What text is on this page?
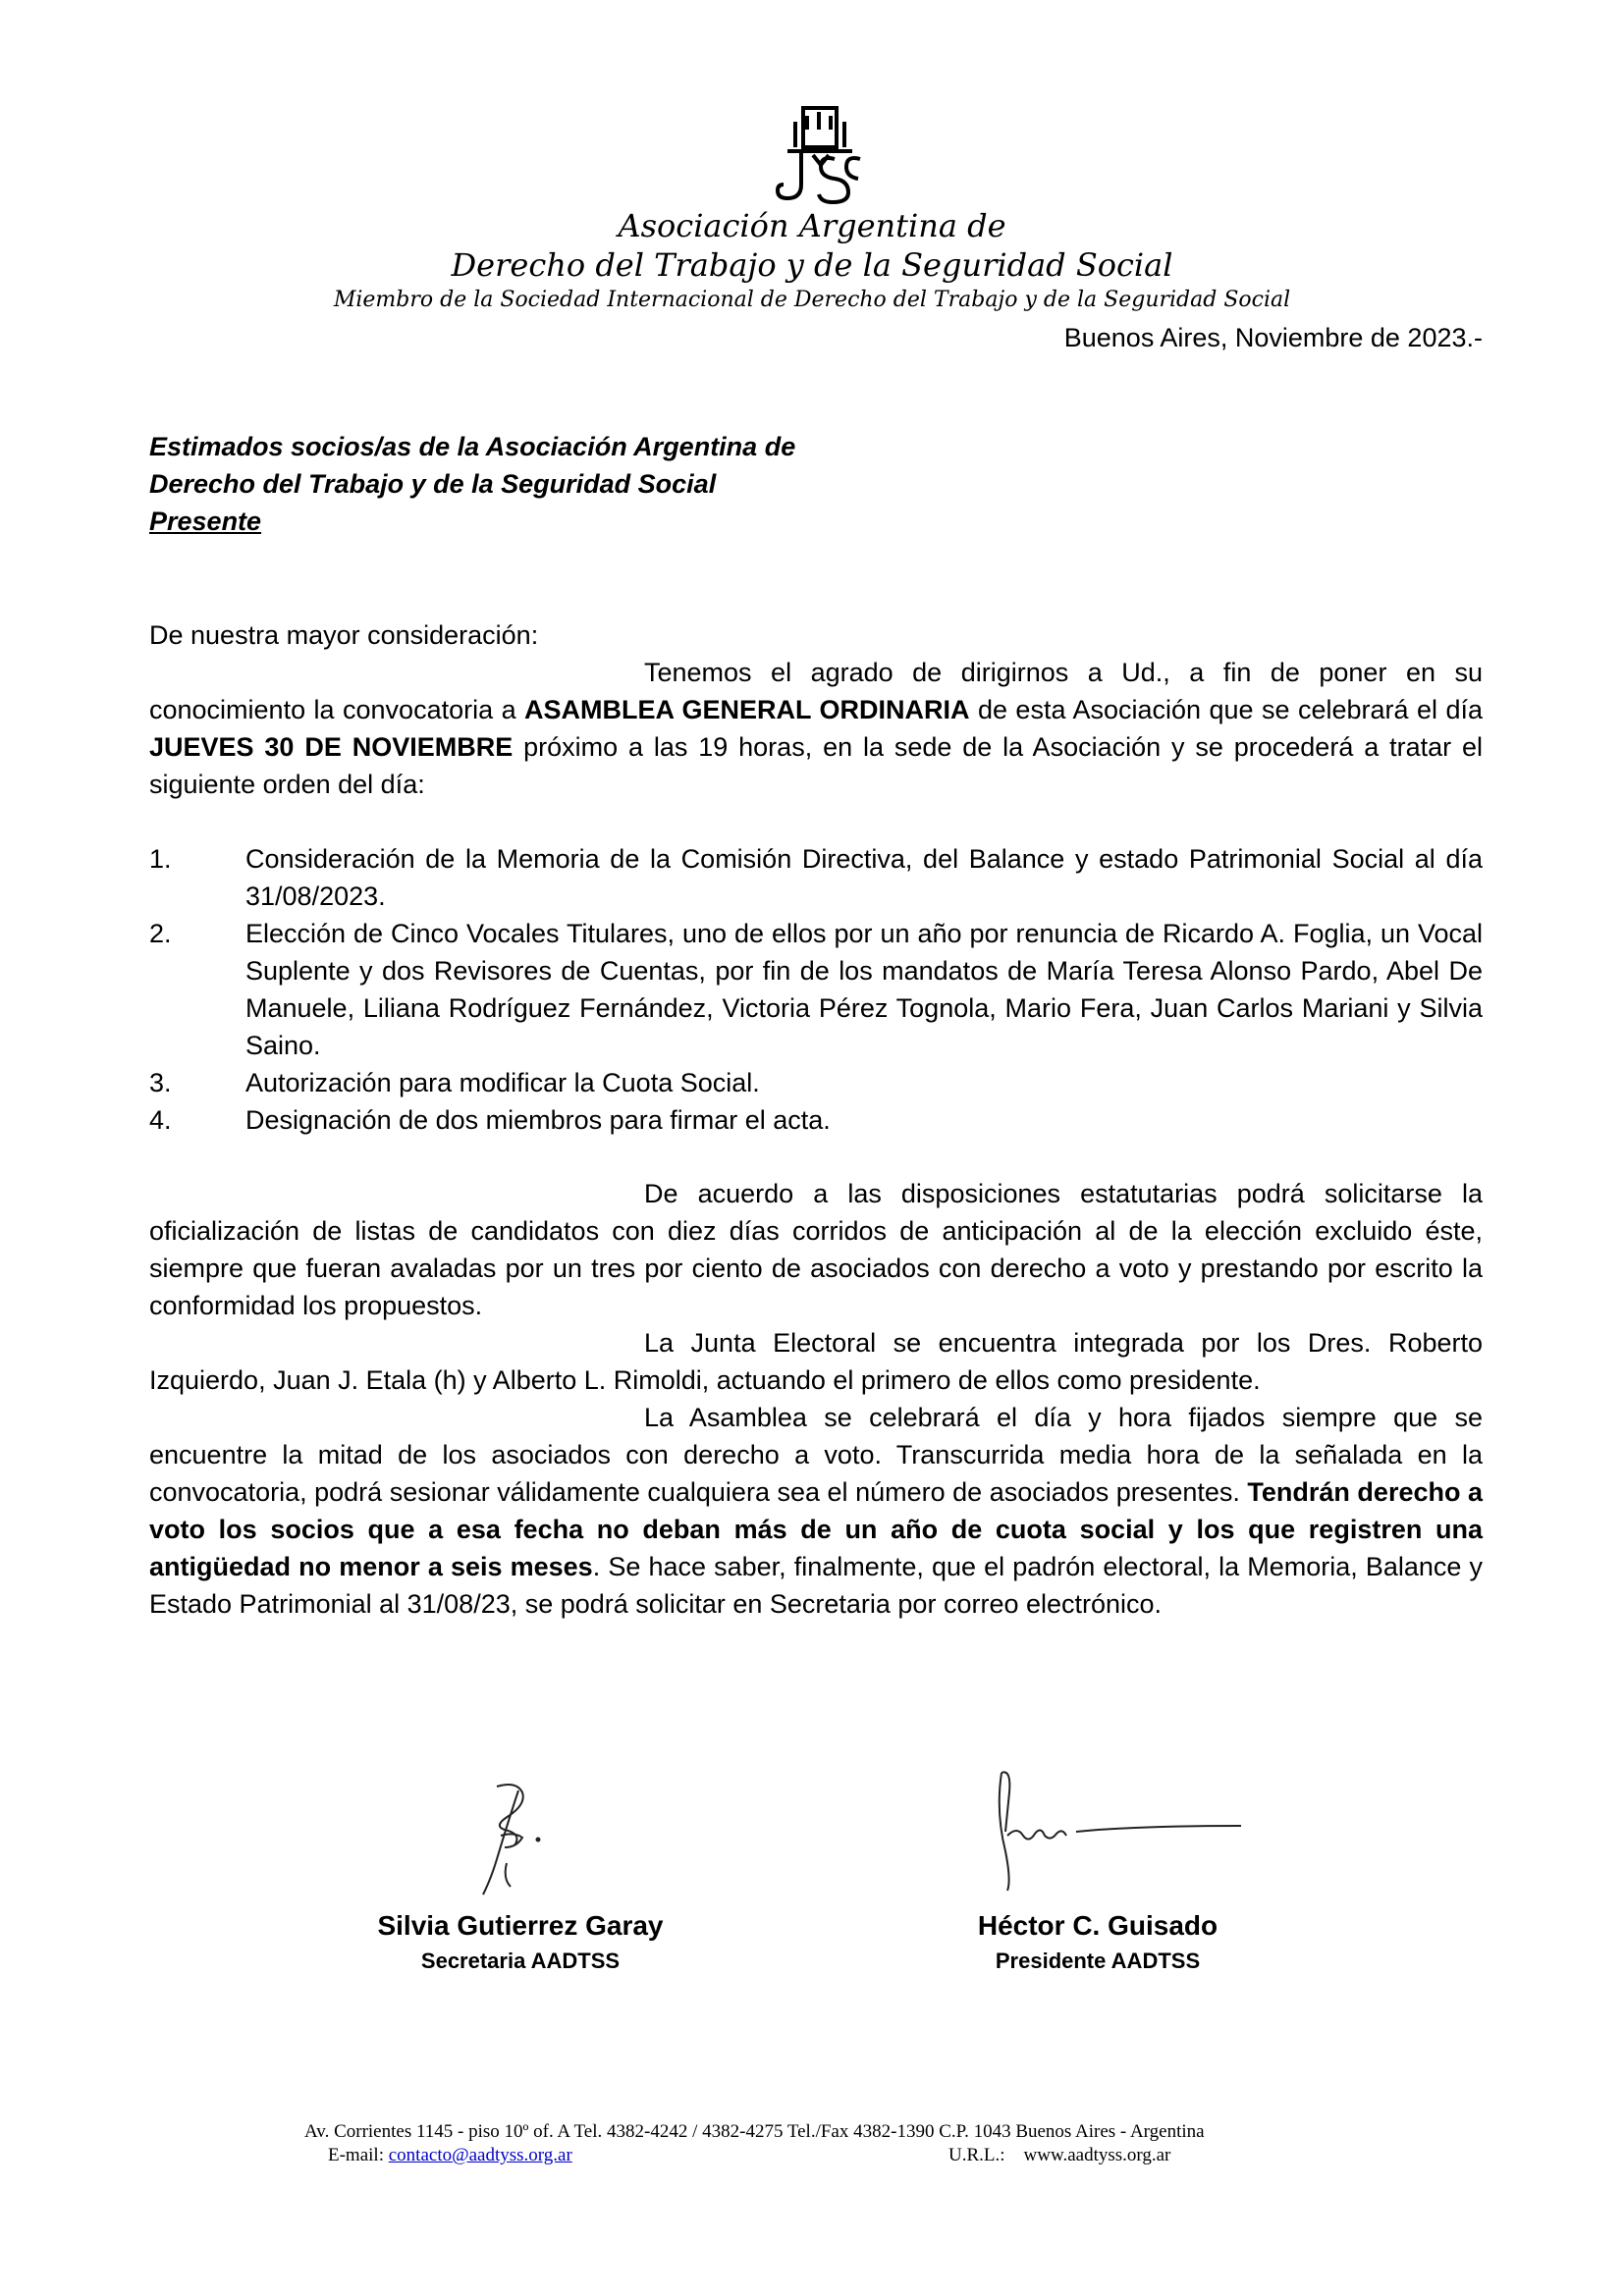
Asociación Argentina de
Derecho del Trabajo y de la Seguridad Social
Miembro de la Sociedad Internacional de Derecho del Trabajo y de la Seguridad Social
Buenos Aires, Noviembre de 2023.-
Estimados socios/as de la Asociación Argentina de
Derecho del Trabajo y de la Seguridad Social
Presente
De nuestra mayor consideración:
Tenemos el agrado de dirigirnos a Ud., a fin de poner en su conocimiento la convocatoria a ASAMBLEA GENERAL ORDINARIA de esta Asociación que se celebrará el día JUEVES 30 DE NOVIEMBRE próximo a las 19 horas, en la sede de la Asociación y se procederá a tratar el siguiente orden del día:
1.	Consideración de la Memoria de la Comisión Directiva, del Balance y estado Patrimonial Social al día 31/08/2023.
2.	Elección de Cinco Vocales Titulares, uno de ellos por un año por renuncia de Ricardo A. Foglia, un Vocal Suplente y dos Revisores de Cuentas, por fin de los mandatos de María Teresa Alonso Pardo, Abel De Manuele, Liliana Rodríguez Fernández, Victoria Pérez Tognola, Mario Fera, Juan Carlos Mariani y Silvia Saino.
3.	Autorización para modificar la Cuota Social.
4.	Designación de dos miembros para firmar el acta.
De acuerdo a las disposiciones estatutarias podrá solicitarse la oficialización de listas de candidatos con diez días corridos de anticipación al de la elección excluido éste, siempre que fueran avaladas por un tres por ciento de asociados con derecho a voto y prestando por escrito la conformidad los propuestos.
La Junta Electoral se encuentra integrada por los Dres. Roberto Izquierdo, Juan J. Etala (h) y Alberto L. Rimoldi, actuando el primero de ellos como presidente.
La Asamblea se celebrará el día y hora fijados siempre que se encuentre la mitad de los asociados con derecho a voto. Transcurrida media hora de la señalada en la convocatoria, podrá sesionar válidamente cualquiera sea el número de asociados presentes. Tendrán derecho a voto los socios que a esa fecha no deban más de un año de cuota social y los que registren una antigüedad no menor a seis meses. Se hace saber, finalmente, que el padrón electoral, la Memoria, Balance y Estado Patrimonial al 31/08/23, se podrá solicitar en Secretaria por correo electrónico.
Silvia Gutierrez Garay
Secretaria AADTSS
Héctor C. Guisado
Presidente AADTSS
Av. Corrientes 1145 - piso 10º of. A Tel. 4382-4242 / 4382-4275 Tel./Fax 4382-1390 C.P. 1043 Buenos Aires - Argentina
E-mail: contacto@aadtyss.org.ar	U.R.L.: www.aadtyss.org.ar
